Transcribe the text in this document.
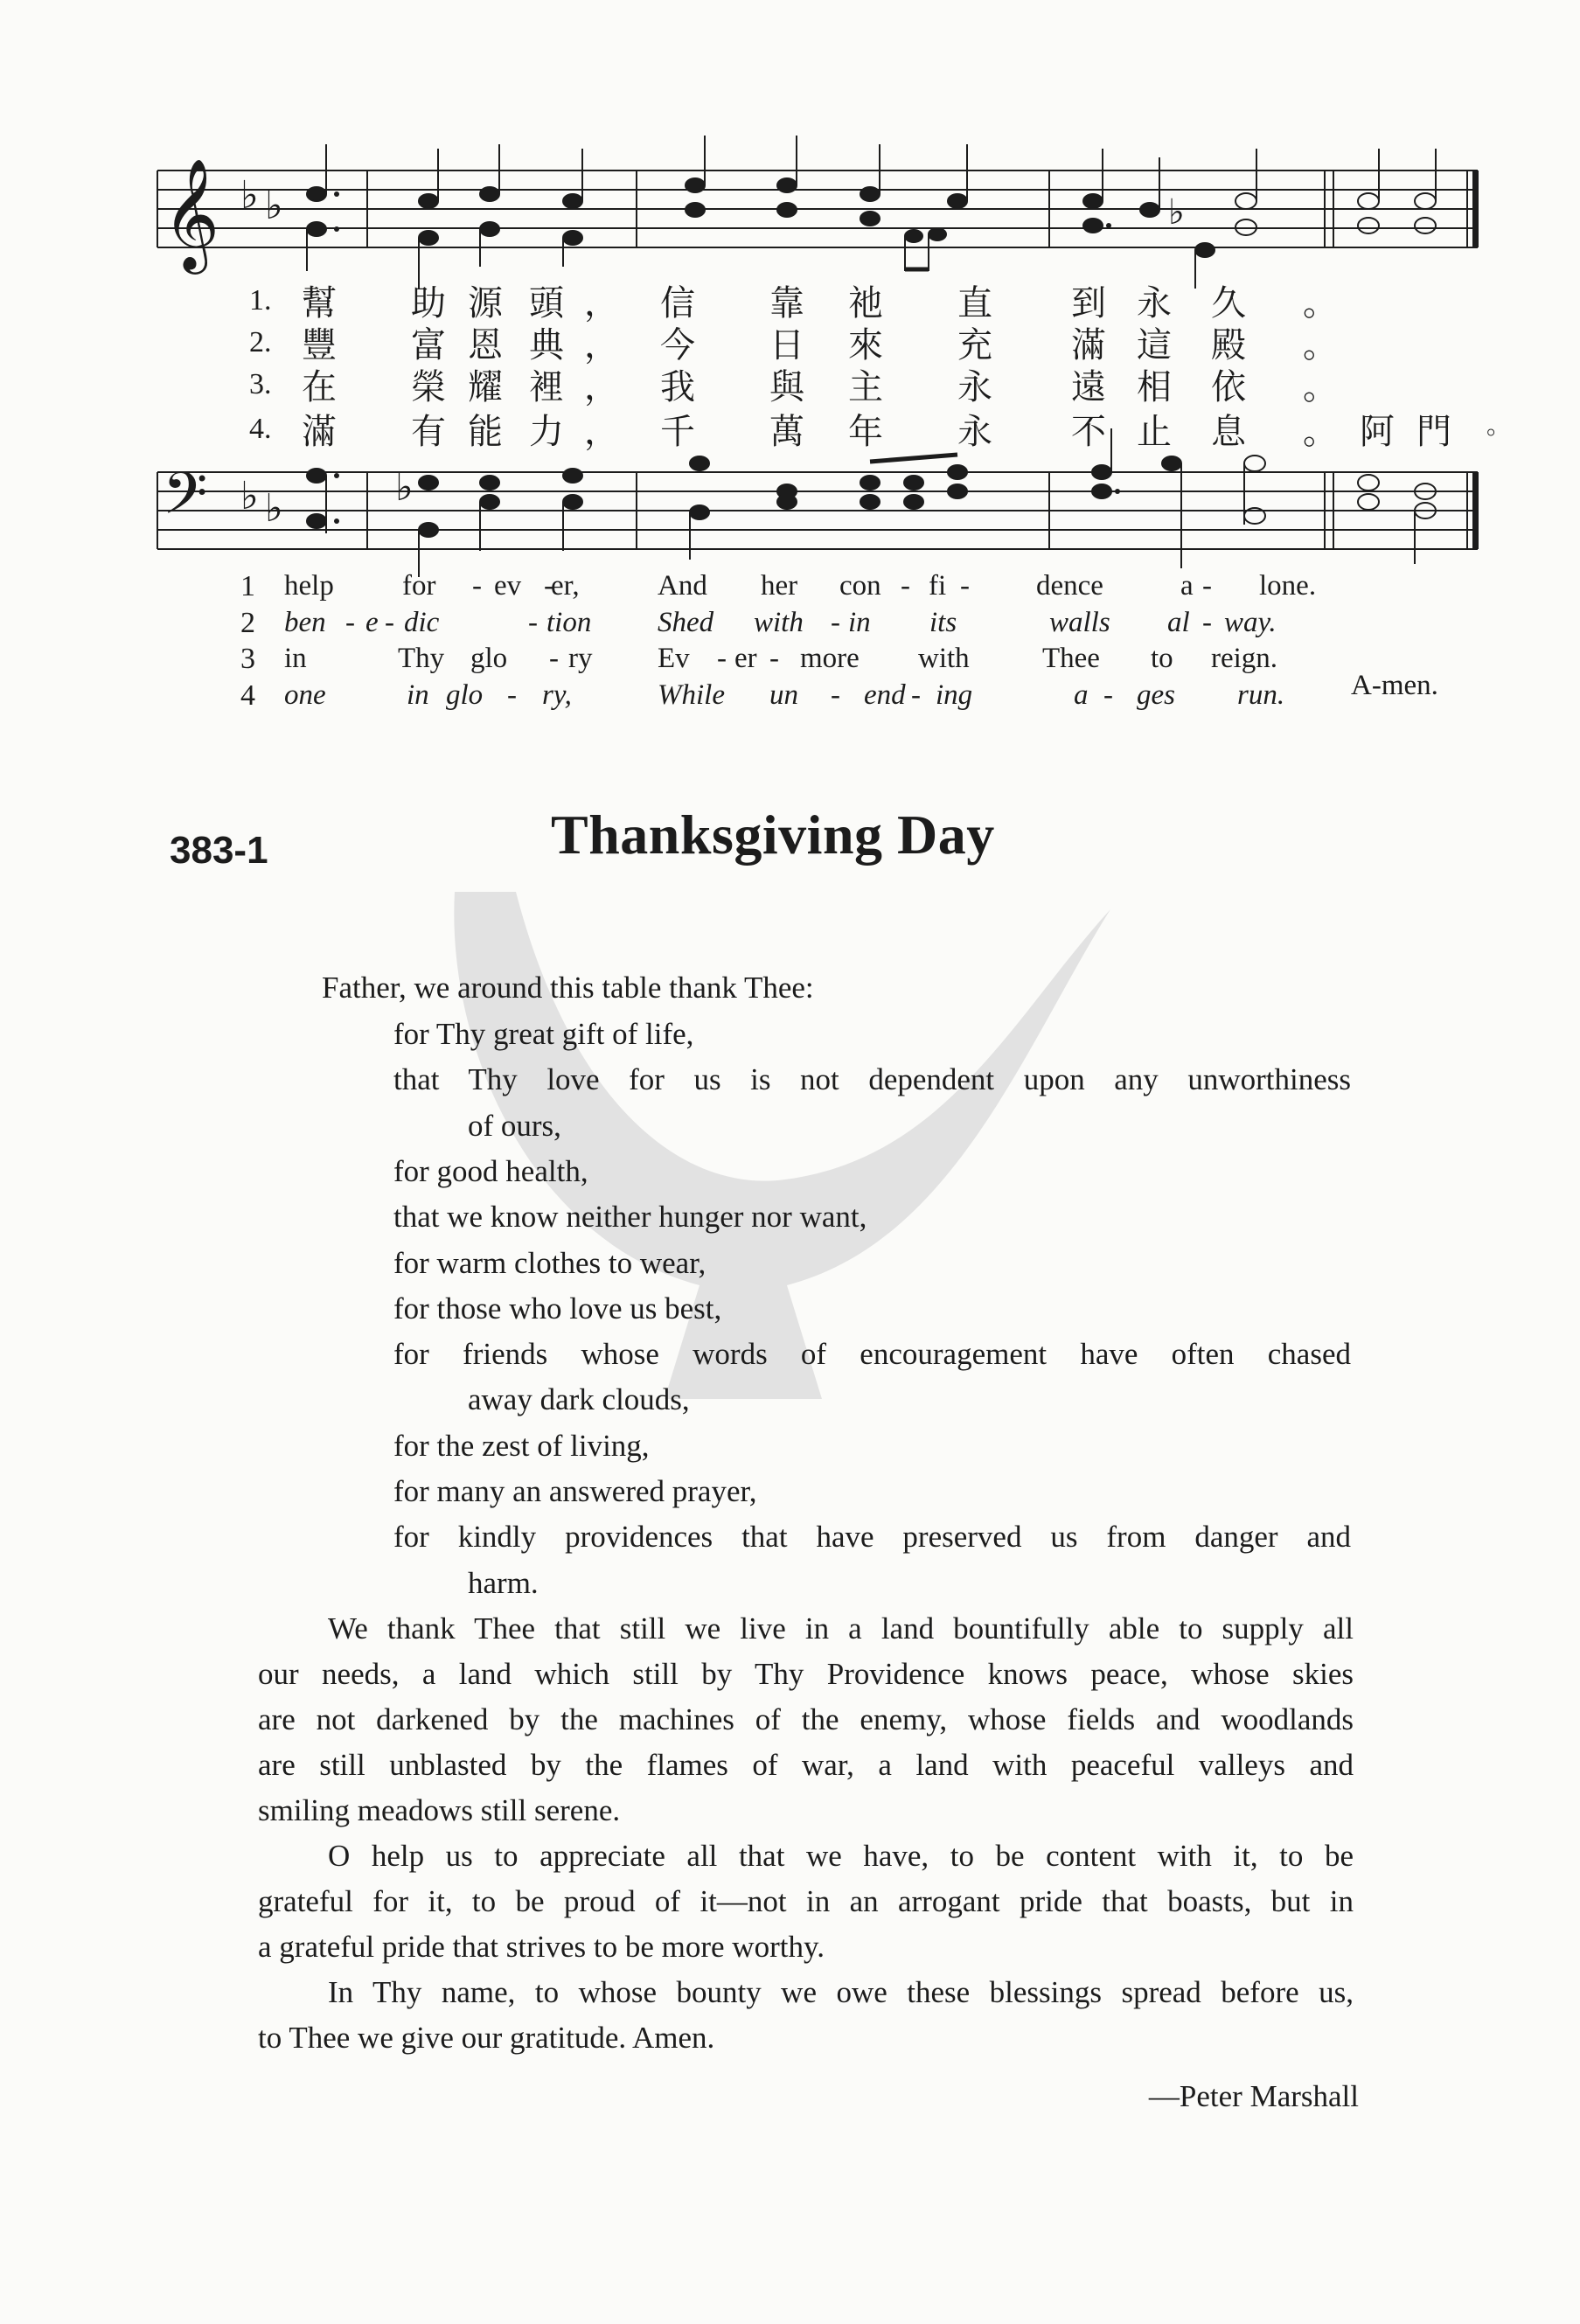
𝄞
𝄢
♭ ♭
♭ ♭	♭
♭
1. 幫 助 源 頭 ， 信 靠 祂 直 到 永 久 。
2. 豐 富 恩 典 ， 今 日 來 充 滿 這 殿 。
3. 在 榮 耀 裡 ， 我 與 主 永 遠 相 依 。
4. 滿 有 能 力 ， 千 萬 年 永 不 止 息 。
1 help for - ev -
er,	And her con - fi - dence	a - lone.
2 ben - e - dic	- tion Shed with - in its	walls al - way.
3 in	Thy glo - ry Ev - er - more with	Thee to reign.
4 one	in glo - ry,	While un - end - ing	a - ges run.
阿 門 。
A-men.
383-1	Thanksgiving Day
Father, we around this table thank Thee:
for Thy great gift of life,
that Thy love for us is not dependent upon any unworthiness
of ours,
for good health,
that we know neither hunger nor want,
for warm clothes to wear,
for those who love us best,
for friends whose words of encouragement have often chased
away dark clouds,
for the zest of living,
for many an answered prayer,
for kindly providences that have preserved us from danger and
harm.
We thank Thee that still we live in a land bountifully able to supply all
our needs, a land which still by Thy Providence knows peace, whose skies
are not darkened by the machines of the enemy, whose fields and woodlands
are still unblasted by the flames of war, a land with peaceful valleys and
smiling meadows still serene.
O help us to appreciate all that we have, to be content with it, to be
grateful for it, to be proud of it—not in an arrogant pride that boasts, but in
a grateful pride that strives to be more worthy.
In Thy name, to whose bounty we owe these blessings spread before us,
to Thee we give our gratitude. Amen.
—Peter Marshall
